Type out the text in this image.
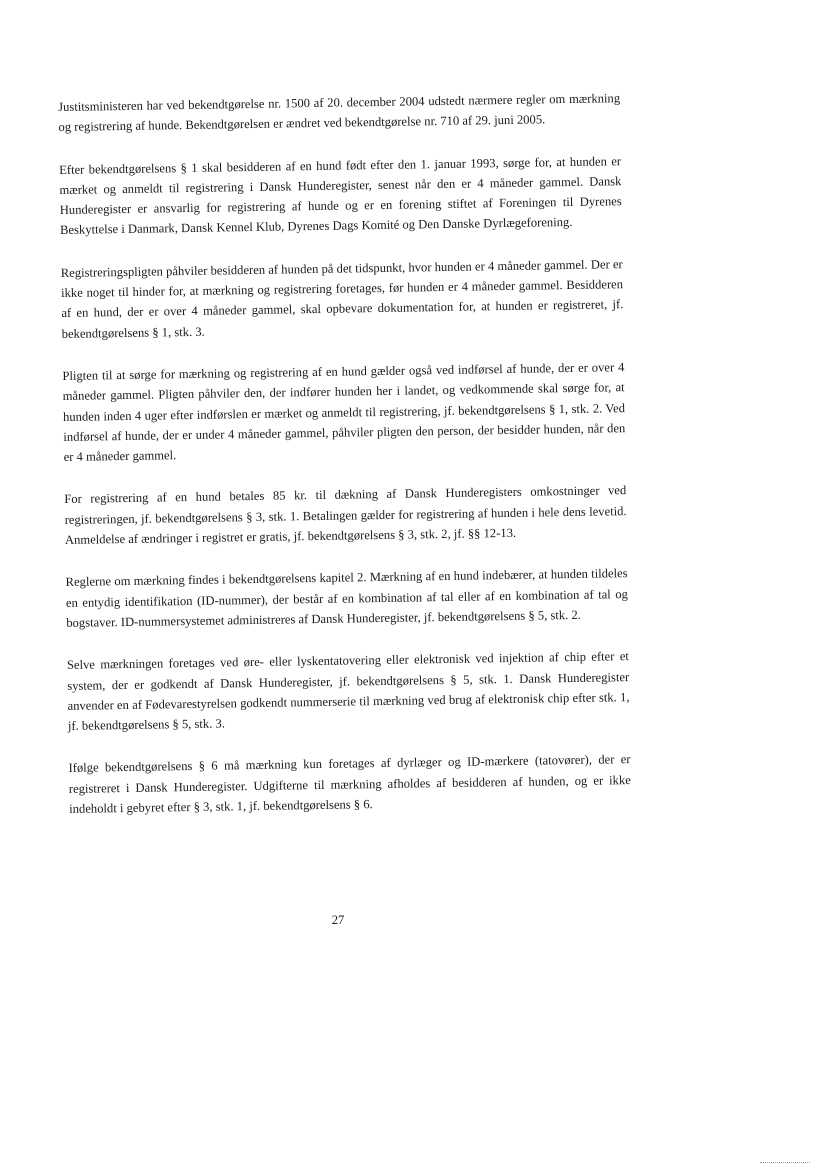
Justitsministeren har ved bekendtgørelse nr. 1500 af 20. december 2004 udstedt nærmere regler om mærkning og registrering af hunde. Bekendtgørelsen er ændret ved bekendtgørelse nr. 710 af 29. juni 2005.

Efter bekendtgørelsens § 1 skal besidderen af en hund født efter den 1. januar 1993, sørge for, at hunden er mærket og anmeldt til registrering i Dansk Hunderegister, senest når den er 4 måneder gammel. Dansk Hunderegister er ansvarlig for registrering af hunde og er en forening stiftet af Foreningen til Dyrenes Beskyttelse i Danmark, Dansk Kennel Klub, Dyrenes Dags Komité og Den Danske Dyrlægeforening.

Registreringspligten påhviler besidderen af hunden på det tidspunkt, hvor hunden er 4 måneder gammel. Der er ikke noget til hinder for, at mærkning og registrering foretages, før hunden er 4 måneder gammel. Besidderen af en hund, der er over 4 måneder gammel, skal opbevare dokumentation for, at hunden er registreret, jf. bekendtgørelsens § 1, stk. 3.

Pligten til at sørge for mærkning og registrering af en hund gælder også ved indførsel af hunde, der er over 4 måneder gammel. Pligten påhviler den, der indfører hunden her i landet, og vedkommende skal sørge for, at hunden inden 4 uger efter indførslen er mærket og anmeldt til registrering, jf. bekendtgørelsens § 1, stk. 2. Ved indførsel af hunde, der er under 4 måneder gammel, påhviler pligten den person, der besidder hunden, når den er 4 måneder gammel.

For registrering af en hund betales 85 kr. til dækning af Dansk Hunderegisters omkostninger ved registreringen, jf. bekendtgørelsens § 3, stk. 1. Betalingen gælder for registrering af hunden i hele dens levetid. Anmeldelse af ændringer i registret er gratis, jf. bekendtgørelsens § 3, stk. 2, jf. §§ 12-13.

Reglerne om mærkning findes i bekendtgørelsens kapitel 2. Mærkning af en hund indebærer, at hunden tildeles en entydig identifikation (ID-nummer), der består af en kombination af tal eller af en kombination af tal og bogstaver. ID-nummersystemet administreres af Dansk Hunderegister, jf. bekendtgørelsens § 5, stk. 2.

Selve mærkningen foretages ved øre- eller lyskentatovering eller elektronisk ved injektion af chip efter et system, der er godkendt af Dansk Hunderegister, jf. bekendtgørelsens § 5, stk. 1. Dansk Hunderegister anvender en af Fødevarestyrelsen godkendt nummerserie til mærkning ved brug af elektronisk chip efter stk. 1, jf. bekendtgørelsens § 5, stk. 3.

Ifølge bekendtgørelsens § 6 må mærkning kun foretages af dyrlæger og ID-mærkere (tatovører), der er registreret i Dansk Hunderegister. Udgifterne til mærkning afholdes af besidderen af hunden, og er ikke indeholdt i gebyret efter § 3, stk. 1, jf. bekendtgørelsens § 6.

27
